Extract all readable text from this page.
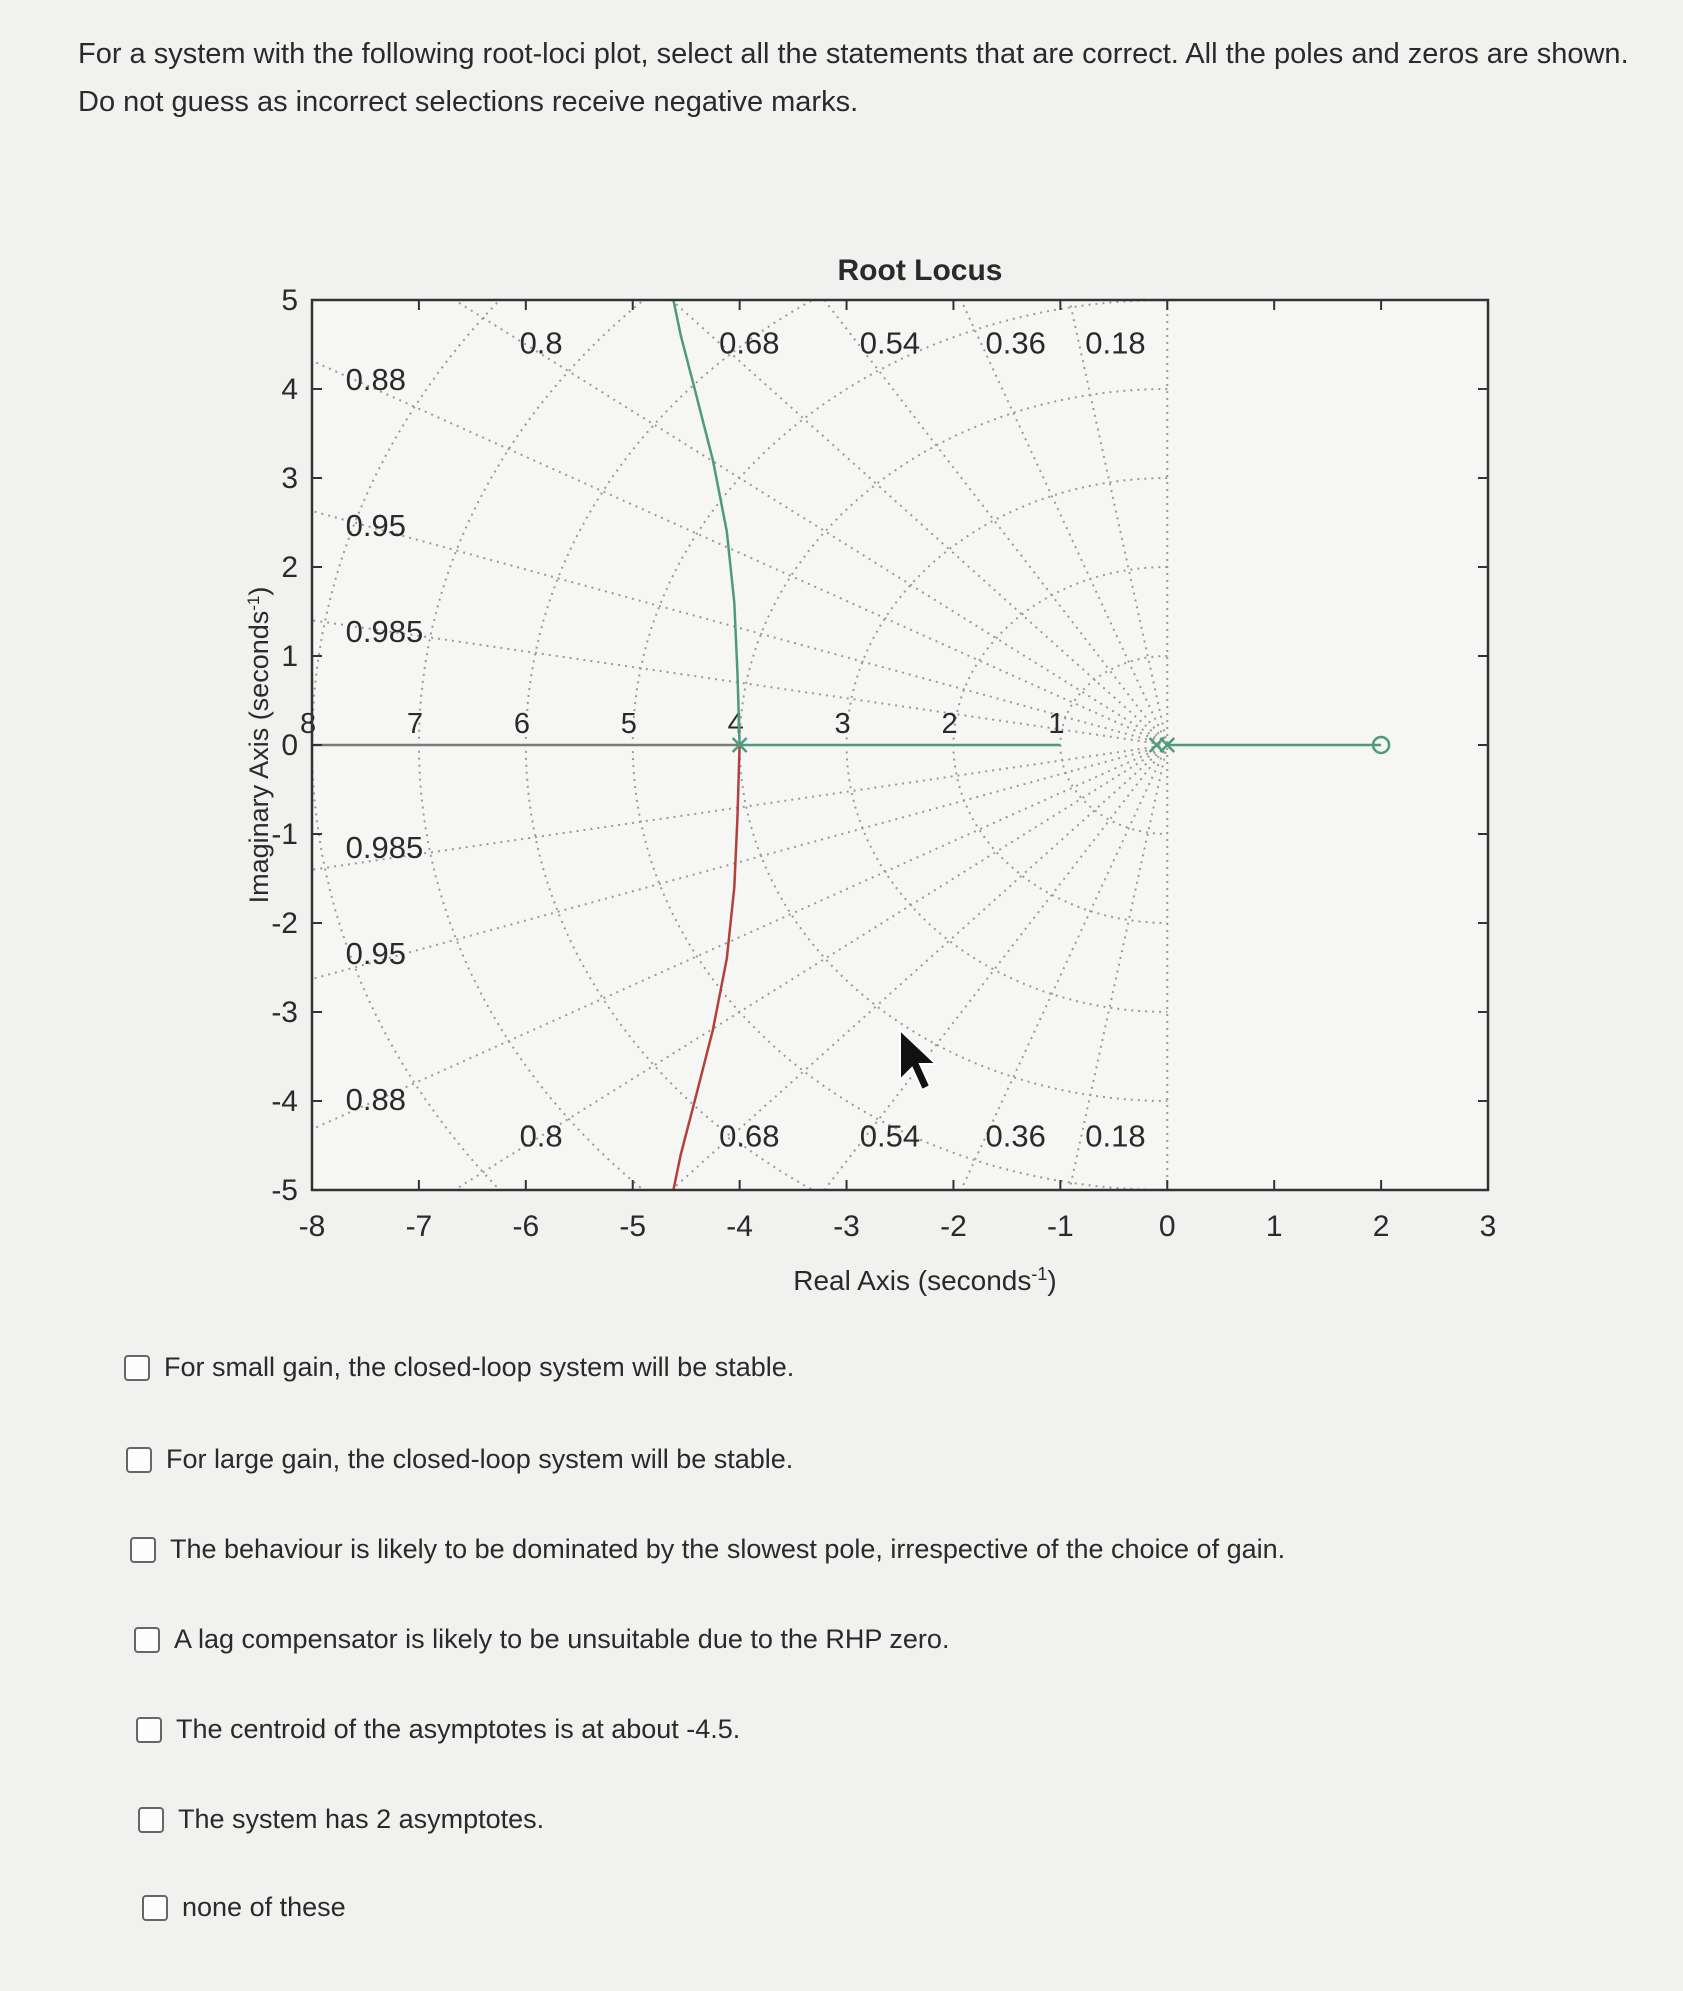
For a system with the following root-loci plot, select all the statements that are correct. All the poles and zeros are shown. Do not guess as incorrect selections receive negative marks.

0.18
0.18
0.36
0.36
0.54
0.54
0.68
0.68
0.8
0.8
0.88
0.88
0.95
0.95
0.985
0.985
1
2
3
4
5
6
7
8
-8	-7	-6	-5	-4	-3	-2	-1	0	1	2	3
5
4
3
2
1
0
-1
-2
-3
-4
-5
Root Locus
Real Axis (seconds$^{-1}$)
Imaginary Axis (seconds$^{-1}$)
For small gain, the closed-loop system will be stable.
For large gain, the closed-loop system will be stable.
The behaviour is likely to be dominated by the slowest pole, irrespective of the choice of gain.
A lag compensator is likely to be unsuitable due to the RHP zero.
The centroid of the asymptotes is at about -4.5.
The system has 2 asymptotes.
none of these
